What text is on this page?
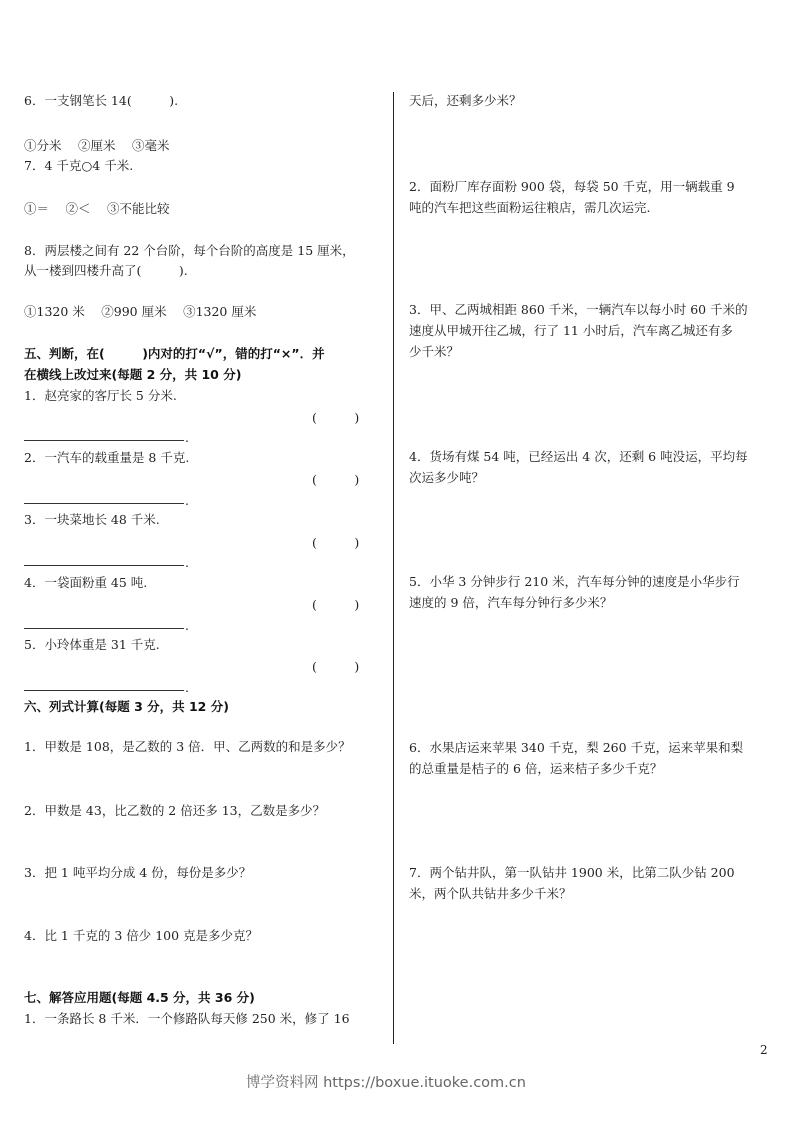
6．一支钢笔长 14(　　　).
①分米　 ②厘米　 ③毫米
7．4 千克○4 千米.
①＝　 ②＜　 ③不能比较
8．两层楼之间有 22 个台阶，每个台阶的高度是 15 厘米，
从一楼到四楼升高了(　　　).
①1320 米　 ②990 厘米　 ③1320 厘米
五、判断，在(　　　)内对的打“√”，错的打“×”．并
在横线上改过来(每题 2 分，共 10 分)
1．赵亮家的客厅长 5 分米.
(　　　)
.
2．一汽车的载重量是 8 千克.
(　　　)
.
3．一块菜地长 48 千米.
(　　　)
.
4．一袋面粉重 45 吨.
(　　　)
.
5．小玲体重是 31 千克.
(　　　)
.
六、列式计算(每题 3 分，共 12 分)
1．甲数是 108，是乙数的 3 倍．甲、乙两数的和是多少？
2．甲数是 43，比乙数的 2 倍还多 13，乙数是多少？
3．把 1 吨平均分成 4 份，每份是多少？
4．比 1 千克的 3 倍少 100 克是多少克？
七、解答应用题(每题 4.5 分，共 36 分)
1．一条路长 8 千米．一个修路队每天修 250 米，修了 16
天后，还剩多少米？
2．面粉厂库存面粉 900 袋，每袋 50 千克，用一辆载重 9
吨的汽车把这些面粉运往粮店，需几次运完.
3．甲、乙两城相距 860 千米，一辆汽车以每小时 60 千米的
速度从甲城开往乙城，行了 11 小时后，汽车离乙城还有多
少千米？
4．货场有煤 54 吨，已经运出 4 次，还剩 6 吨没运，平均每
次运多少吨？
5．小华 3 分钟步行 210 米，汽车每分钟的速度是小华步行
速度的 9 倍，汽车每分钟行多少米？
6．水果店运来苹果 340 千克，梨 260 千克，运来苹果和梨
的总重量是桔子的 6 倍，运来桔子多少千克？
7．两个钻井队，第一队钻井 1900 米，比第二队少钻 200
米，两个队共钻井多少千米？
2
博学资料网 https://boxue.ituoke.com.cn
